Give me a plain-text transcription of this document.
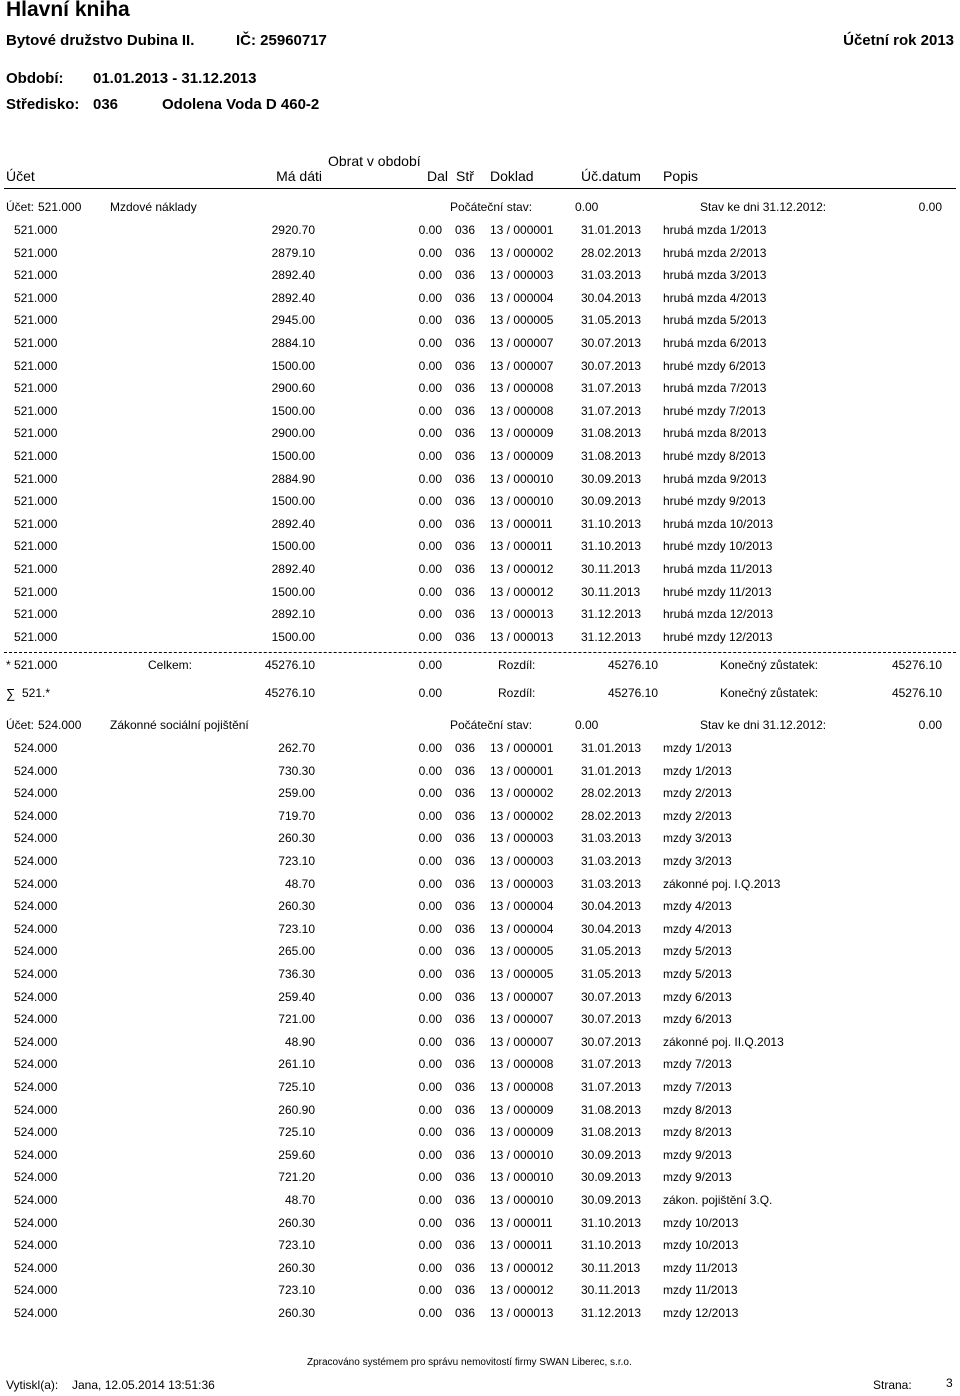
Hlavní kniha
Bytové družstvo Dubina II.	IČ: 25960717	Účetní rok 2013
Období: 01.01.2013 - 31.12.2013
Středisko: 036	Odolena Voda D 460-2
Obrat v období
Účet	Má dáti	Dal Stř Doklad	Úč.datum Popis
Účet: 521.000 Mzdové náklady	Počáteční stav:	0.00	Stav ke dni 31.12.2012:	0.00
521.000	2920.70	0.00 036 13 / 000001 31.01.2013 hrubá mzda 1/2013
521.000	2879.10	0.00 036 13 / 000002 28.02.2013 hrubá mzda 2/2013
521.000	2892.40	0.00 036 13 / 000003 31.03.2013 hrubá mzda 3/2013
521.000	2892.40	0.00 036 13 / 000004 30.04.2013 hrubá mzda 4/2013
521.000	2945.00	0.00 036 13 / 000005 31.05.2013 hrubá mzda 5/2013
521.000	2884.10	0.00 036 13 / 000007 30.07.2013 hrubá mzda 6/2013
521.000	1500.00	0.00 036 13 / 000007 30.07.2013 hrubé mzdy 6/2013
521.000	2900.60	0.00 036 13 / 000008 31.07.2013 hrubá mzda 7/2013
521.000	1500.00	0.00 036 13 / 000008 31.07.2013 hrubé mzdy 7/2013
521.000	2900.00	0.00 036 13 / 000009 31.08.2013 hrubá mzda 8/2013
521.000	1500.00	0.00 036 13 / 000009 31.08.2013 hrubé mzdy 8/2013
521.000	2884.90	0.00 036 13 / 000010 30.09.2013 hrubá mzda 9/2013
521.000	1500.00	0.00 036 13 / 000010 30.09.2013 hrubé mzdy 9/2013
521.000	2892.40	0.00 036 13 / 000011 31.10.2013 hrubá mzda 10/2013
521.000	1500.00	0.00 036 13 / 000011 31.10.2013 hrubé mzdy 10/2013
521.000	2892.40	0.00 036 13 / 000012 30.11.2013 hrubá mzda 11/2013
521.000	1500.00	0.00 036 13 / 000012 30.11.2013 hrubé mzdy 11/2013
521.000	2892.10	0.00 036 13 / 000013 31.12.2013 hrubá mzda 12/2013
521.000	1500.00	0.00 036 13 / 000013 31.12.2013 hrubé mzdy 12/2013
* 521.000	Celkem:	45276.10	0.00	Rozdíl:	45276.10	Konečný zůstatek:	45276.10
∑ 521.*	45276.10	0.00	Rozdíl:	45276.10	Konečný zůstatek:	45276.10
Účet: 524.000 Zákonné sociální pojištění	Počáteční stav:	0.00	Stav ke dni 31.12.2012:	0.00
524.000	262.70	0.00 036 13 / 000001 31.01.2013 mzdy 1/2013
524.000	730.30	0.00 036 13 / 000001 31.01.2013 mzdy 1/2013
524.000	259.00	0.00 036 13 / 000002 28.02.2013 mzdy 2/2013
524.000	719.70	0.00 036 13 / 000002 28.02.2013 mzdy 2/2013
524.000	260.30	0.00 036 13 / 000003 31.03.2013 mzdy 3/2013
524.000	723.10	0.00 036 13 / 000003 31.03.2013 mzdy 3/2013
524.000	48.70	0.00 036 13 / 000003 31.03.2013 zákonné poj. I.Q.2013
524.000	260.30	0.00 036 13 / 000004 30.04.2013 mzdy 4/2013
524.000	723.10	0.00 036 13 / 000004 30.04.2013 mzdy 4/2013
524.000	265.00	0.00 036 13 / 000005 31.05.2013 mzdy 5/2013
524.000	736.30	0.00 036 13 / 000005 31.05.2013 mzdy 5/2013
524.000	259.40	0.00 036 13 / 000007 30.07.2013 mzdy 6/2013
524.000	721.00	0.00 036 13 / 000007 30.07.2013 mzdy 6/2013
524.000	48.90	0.00 036 13 / 000007 30.07.2013 zákonné poj. II.Q.2013
524.000	261.10	0.00 036 13 / 000008 31.07.2013 mzdy 7/2013
524.000	725.10	0.00 036 13 / 000008 31.07.2013 mzdy 7/2013
524.000	260.90	0.00 036 13 / 000009 31.08.2013 mzdy 8/2013
524.000	725.10	0.00 036 13 / 000009 31.08.2013 mzdy 8/2013
524.000	259.60	0.00 036 13 / 000010 30.09.2013 mzdy 9/2013
524.000	721.20	0.00 036 13 / 000010 30.09.2013 mzdy 9/2013
524.000	48.70	0.00 036 13 / 000010 30.09.2013 zákon. pojištění 3.Q.
524.000	260.30	0.00 036 13 / 000011 31.10.2013 mzdy 10/2013
524.000	723.10	0.00 036 13 / 000011 31.10.2013 mzdy 10/2013
524.000	260.30	0.00 036 13 / 000012 30.11.2013 mzdy 11/2013
524.000	723.10	0.00 036 13 / 000012 30.11.2013 mzdy 11/2013
524.000	260.30	0.00 036 13 / 000013 31.12.2013 mzdy 12/2013
Zpracováno systémem pro správu nemovitostí firmy SWAN Liberec, s.r.o.
Vytiskl(a): Jana, 12.05.2014 13:51:36	Strana:	3
